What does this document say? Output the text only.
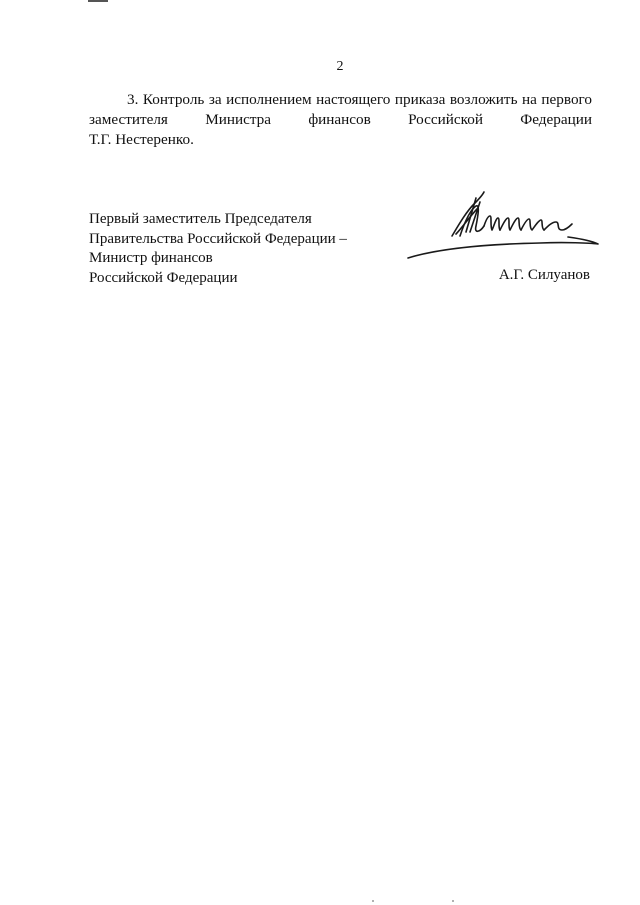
2
3. Контроль за исполнением настоящего приказа возложить на первого
заместителя Министра финансов Российской Федерации
Т.Г. Нестеренко.
Первый заместитель Председателя
Правительства Российской Федерации –
Министр финансов
Российской Федерации	А.Г. Силуанов
